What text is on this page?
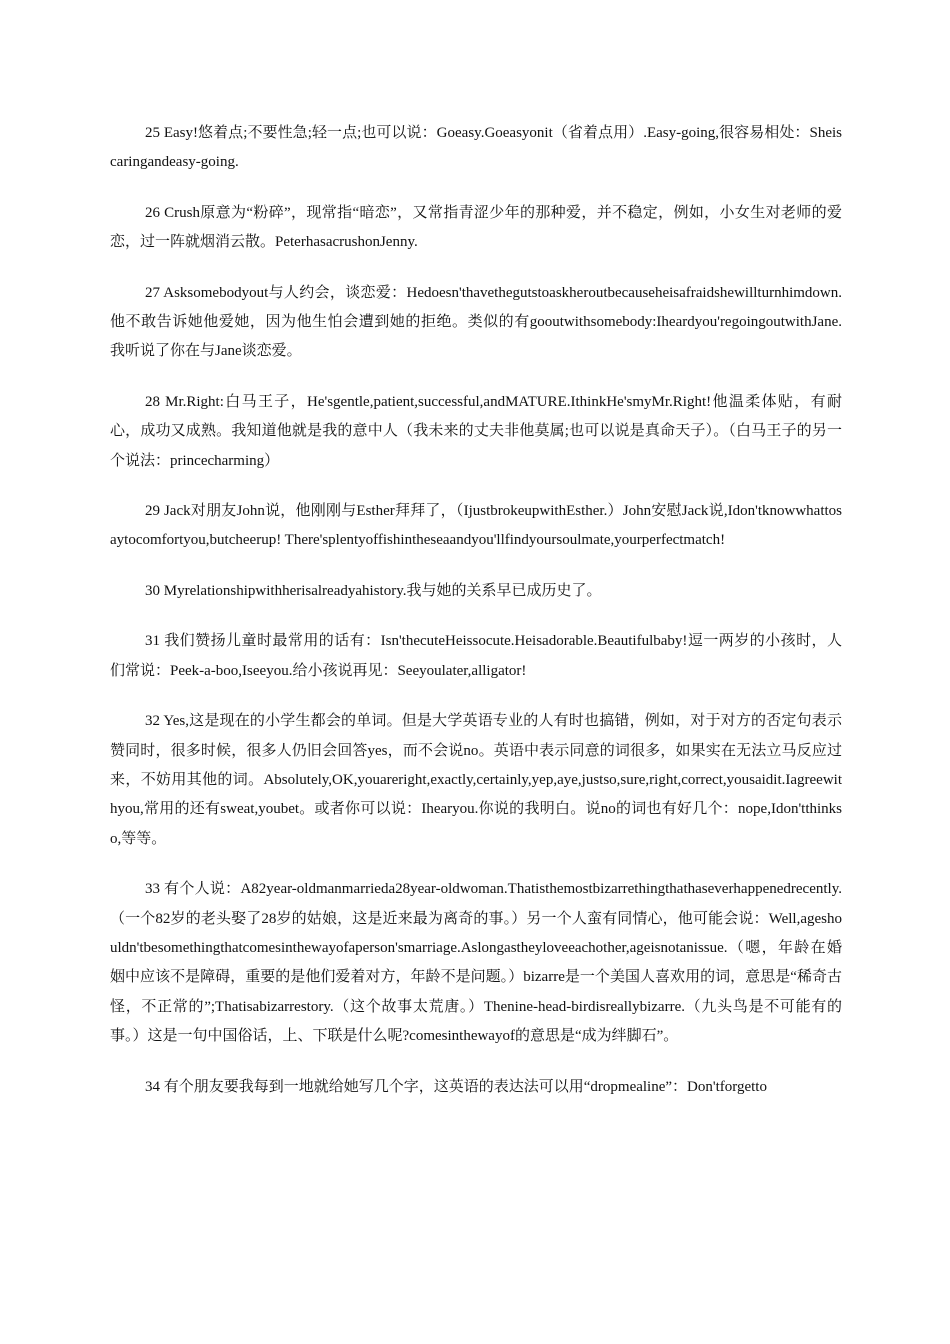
25 Easy!悠着点;不要性急;轻一点;也可以说：Goeasy.Goeasyonit（省着点用）.Easy-going,很容易相处：Sheiscaringandeasy-going.

26 Crush原意为“粉碎”，现常指“暗恋”，又常指青涩少年的那种爱，并不稳定，例如，小女生对老师的爱恋，过一阵就烟消云散。PeterhasacrushonJenny.

27 Asksomebodyout与人约会，谈恋爱：Hedoesn'thavethegutstoaskheroutbecauseheisafraidshewillturnhimdown.他不敢告诉她他爱她，因为他生怕会遭到她的拒绝。类似的有gooutwithsomebody:Iheardyou'regoingoutwithJane.我听说了你在与Jane谈恋爱。

28 Mr.Right:白马王子，He'sgentle,patient,successful,andMATURE.IthinkHe'smyMr.Right!他温柔体贴，有耐心，成功又成熟。我知道他就是我的意中人（我未来的丈夫非他莫属;也可以说是真命天子）。（白马王子的另一个说法：princecharming）

29 Jack对朋友John说，他刚刚与Esther拜拜了，（IjustbrokeupwithEsther.）John安慰Jack说,Idon'tknowwhattosaytocomfortyou,butcheerup! There'splentyoffishintheseaandyou'llfindyoursoulmate,yourperfectmatch!

30 Myrelationshipwithherisalreadyahistory.我与她的关系早已成历史了。

31 我们赞扬儿童时最常用的话有：Isn'thecuteHeissocute.Heisadorable.Beautifulbaby!逗一两岁的小孩时，人们常说：Peek-a-boo,Iseeyou.给小孩说再见：Seeyoulater,alligator!

32 Yes,这是现在的小学生都会的单词。但是大学英语专业的人有时也搞错，例如，对于对方的否定句表示赞同时，很多时候，很多人仍旧会回答yes，而不会说no。英语中表示同意的词很多，如果实在无法立马反应过来，不妨用其他的词。Absolutely,OK,youareright,exactly,certainly,yep,aye,justso,sure,right,correct,yousaidit.Iagreewithyou,常用的还有sweat,youbet。或者你可以说：Ihearyou.你说的我明白。说no的词也有好几个：nope,Idon'tthinkso,等等。

33 有个人说：A82year-oldmanmarrieda28year-oldwoman.Thatisthemostbizarrethingthathaseverhappenedrecently.（一个82岁的老头娶了28岁的姑娘，这是近来最为离奇的事。）另一个人蛮有同情心，他可能会说：Well,ageshouldn'tbesomethingthatcomesinthewayofaperson'smarriage.Aslongastheyloveeachother,ageisnotanissue.（嗯，年龄在婚姻中应该不是障碍，重要的是他们爱着对方，年龄不是问题。）bizarre是一个美国人喜欢用的词，意思是“稀奇古怪，不正常的”;Thatisabizarrestory.（这个故事太荒唐。）Thenine-head-birdisreallybizarre.（九头鸟是不可能有的事。）这是一句中国俗话，上、下联是什么呢?comesinthewayof的意思是“成为绊脚石”。

34 有个朋友要我每到一地就给她写几个字，这英语的表达法可以用“dropmealine”：Don'tforgetto
